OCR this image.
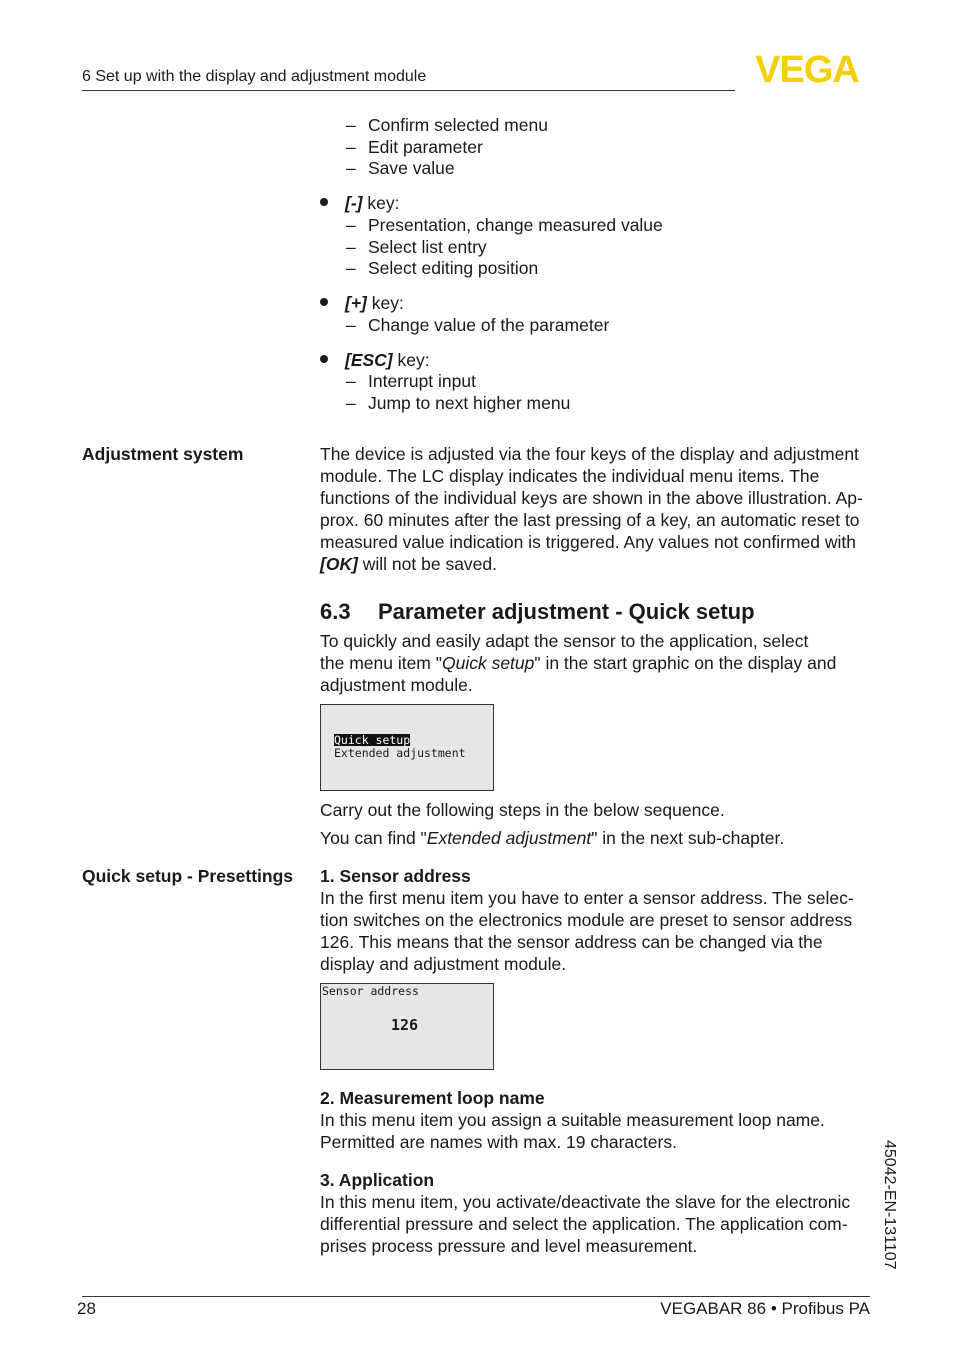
6 Set up with the display and adjustment module	VEGA
– Confirm selected menu
– Edit parameter
– Save value
[-] key:
– Presentation, change measured value
– Select list entry
– Select editing position
[+] key:
– Change value of the parameter
[ESC] key:
– Interrupt input
– Jump to next higher menu
Adjustment system	The device is adjusted via the four keys of the display and adjustment
module. The LC display indicates the individual menu items. The
functions of the individual keys are shown in the above illustration. Ap-
prox. 60 minutes after the last pressing of a key, an automatic reset to
measured value indication is triggered. Any values not confirmed with
[OK] will not be saved.
6.3 Parameter adjustment - Quick setup
To quickly and easily adapt the sensor to the application, select
the menu item "Quick setup" in the start graphic on the display and
adjustment module.
Quick setup
Extended adjustment
Carry out the following steps in the below sequence.
You can find "Extended adjustment" in the next sub-chapter.
Quick setup - Presettings 1. Sensor address
In the first menu item you have to enter a sensor address. The selec-
tion switches on the electronics module are preset to sensor address
126. This means that the sensor address can be changed via the
display and adjustment module.
Sensor address
126
2. Measurement loop name
In this menu item you assign a suitable measurement loop name.
Permitted are names with max. 19 characters.
3. Application
In this menu item, you activate/deactivate the slave for the electronic
differential pressure and select the application. The application com-
prises process pressure and level measurement.	45042-EN-131107
28	VEGABAR 86 • Profibus PA
